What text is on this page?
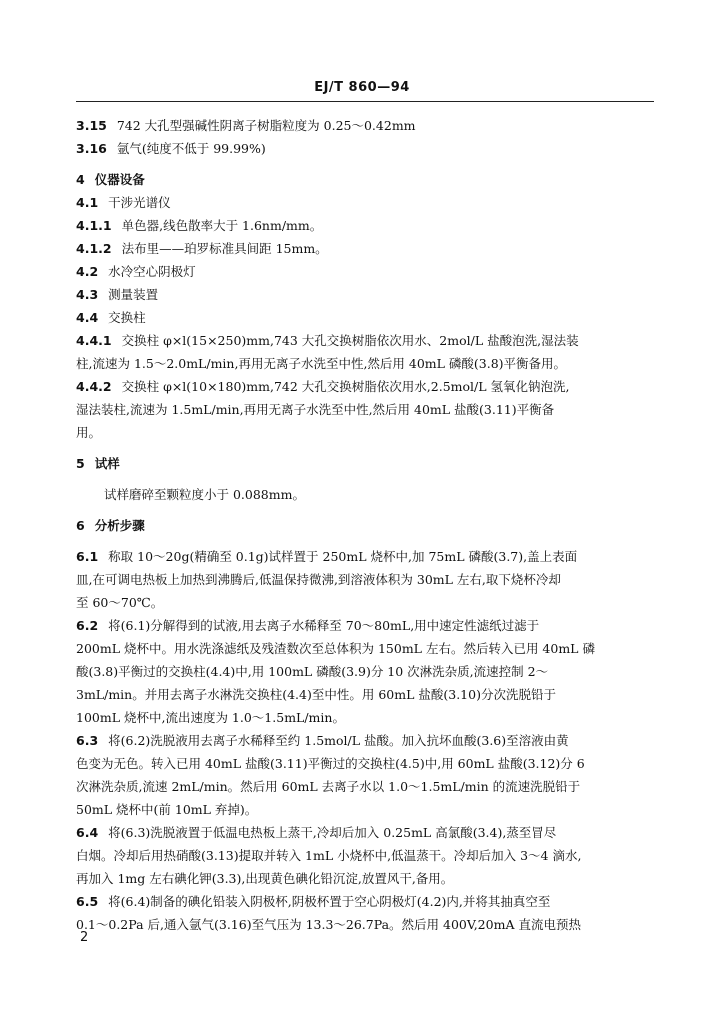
EJ/T 860—94
3.15 742 大孔型强碱性阴离子树脂粒度为 0.25～0.42mm
3.16 氩气(纯度不低于 99.99%)
4 仪器设备
4.1 干涉光谱仪
4.1.1 单色器,线色散率大于 1.6nm/mm。
4.1.2 法布里——珀罗标准具间距 15mm。
4.2 水冷空心阴极灯
4.3 测量装置
4.4 交换柱
4.4.1 交换柱 φ×l(15×250)mm,743 大孔交换树脂依次用水、2mol/L 盐酸泡洗,湿法装
柱,流速为 1.5～2.0mL/min,再用无离子水洗至中性,然后用 40mL 磷酸(3.8)平衡备用。
4.4.2 交换柱 φ×l(10×180)mm,742 大孔交换树脂依次用水,2.5mol/L 氢氧化钠泡洗,
湿法装柱,流速为 1.5mL/min,再用无离子水洗至中性,然后用 40mL 盐酸(3.11)平衡备
用。
5 试样
试样磨碎至颗粒度小于 0.088mm。
6 分析步骤
6.1 称取 10～20g(精确至 0.1g)试样置于 250mL 烧杯中,加 75mL 磷酸(3.7),盖上表面
皿,在可调电热板上加热到沸腾后,低温保持微沸,到溶液体积为 30mL 左右,取下烧杯冷却
至 60～70℃。
6.2 将(6.1)分解得到的试液,用去离子水稀释至 70～80mL,用中速定性滤纸过滤于
200mL 烧杯中。用水洗涤滤纸及残渣数次至总体积为 150mL 左右。然后转入已用 40mL 磷
酸(3.8)平衡过的交换柱(4.4)中,用 100mL 磷酸(3.9)分 10 次淋洗杂质,流速控制 2～
3mL/min。并用去离子水淋洗交换柱(4.4)至中性。用 60mL 盐酸(3.10)分次洗脱铅于
100mL 烧杯中,流出速度为 1.0～1.5mL/min。
6.3 将(6.2)洗脱液用去离子水稀释至约 1.5mol/L 盐酸。加入抗坏血酸(3.6)至溶液由黄
色变为无色。转入已用 40mL 盐酸(3.11)平衡过的交换柱(4.5)中,用 60mL 盐酸(3.12)分 6
次淋洗杂质,流速 2mL/min。然后用 60mL 去离子水以 1.0～1.5mL/min 的流速洗脱铅于
50mL 烧杯中(前 10mL 弃掉)。
6.4 将(6.3)洗脱液置于低温电热板上蒸干,冷却后加入 0.25mL 高氯酸(3.4),蒸至冒尽
白烟。冷却后用热硝酸(3.13)提取并转入 1mL 小烧杯中,低温蒸干。冷却后加入 3～4 滴水,
再加入 1mg 左右碘化钾(3.3),出现黄色碘化铅沉淀,放置风干,备用。
6.5 将(6.4)制备的碘化铅装入阴极杯,阴极杯置于空心阴极灯(4.2)内,并将其抽真空至
0.1～0.2Pa 后,通入氩气(3.16)至气压为 13.3～26.7Pa。然后用 400V,20mA 直流电预热
2
